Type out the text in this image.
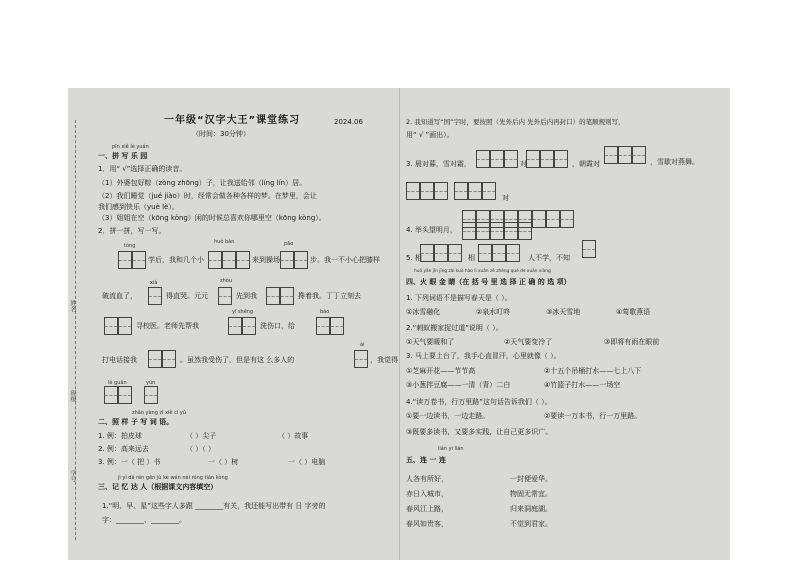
一年级“汉字大王”课堂练习	2024.06
（时间：30分钟）
pīn xiě lè yuán
一、拼 写 乐 园
1．用“ √”选择正确的读音。
（1）外婆包好粽（zòng zhōng）子，让我送给邻（líng lín）居。
（2）我们睡觉（jué jiào）时，经常会做各种各样的梦。在梦里，会让
我们感到快乐（yuè lè）。
（3）姐姐在空（kōng kòng）闲的时候总喜欢你哪里空（kōng kòng）。
2．拼一拼，写一写。
tóng
huǒ bàn	pǎo
学后，我和几个小	来到操场	步。我一不小心把膝样
xià	zhòu
破流血了，	得直哭。元元	先到我	搀着我。丁丁立刻去
yī shēng	bào
寻校医。老师先帮我	洗伤口，给
ài
打电话接我	。虽然我受伤了，但是有这 么多人的	，我觉得
lè guān	yùn
zhǎo yàng zǐ xiě cí yǔ
二、照 样 子 写 词 语。
1. 例：拍皮球	（ ）尖子	（ ）故事
2. 例：高来远去	（ ）（ ）
3. 例：一（ 把 ）书	一（ ）树	一（ ）电脑
jì yì dá rén gēn jù kè wén nèi róng tián kòng
三、记 忆 达 人（根据课文内容填空）
1.“明、早、星”这些字人多跟 ________有关，我还能写出带有 日 字旁的
字：________、________。
2. 我知道写“国”字时，要按照（先外后内 先外后内再封口）的笔顺规则写，
用“ √ ”画出）。
3. 晨对暮，雪对霜，	对	，朝霞对	，雪歇对燕舞。
对
4. 举头望明月，
5. 相	相	人不学，不知
huǒ yǎn jīn jīng zài kuò hào lǐ xuǎn zé zhèng què de xuǎn xiàng
四、火 眼 金 睛（在 括 号 里 选 择 正 确 的 选 项）
1. 下列词语不是描写春天是（ ）。
①冰雪融化	②泉水叮咚	③冰天雪地	④莺歌燕语
2.“刺蚁搬家捉过道”说明（ ）。
①天气要暖和了	②天气要变冷了	③即将有雨在眼前
3. 马上要上台了，我手心直冒汗，心里就像（ ）。
①芝麻开花——节节高	②十五个吊桶打水——七上八下
③小葱拌豆腐——一清（青）二白	④竹篮子打水——一场空
4.“读万卷书，行万里路”这句话告诉我们（ ）。
①要一边读书，一边走路。	②要读一万本书，行一万里路。
③既要多读书，又要多实践，让自己更多识广。
lián yi lián
五、连 一 连
人各有所好，	一封便爱华。
赤日入城市，	物固无常宜。
春风江上路，	归来洞庭湖。
春风如贵客，	不觉到君家。
姓名
班级
学号
